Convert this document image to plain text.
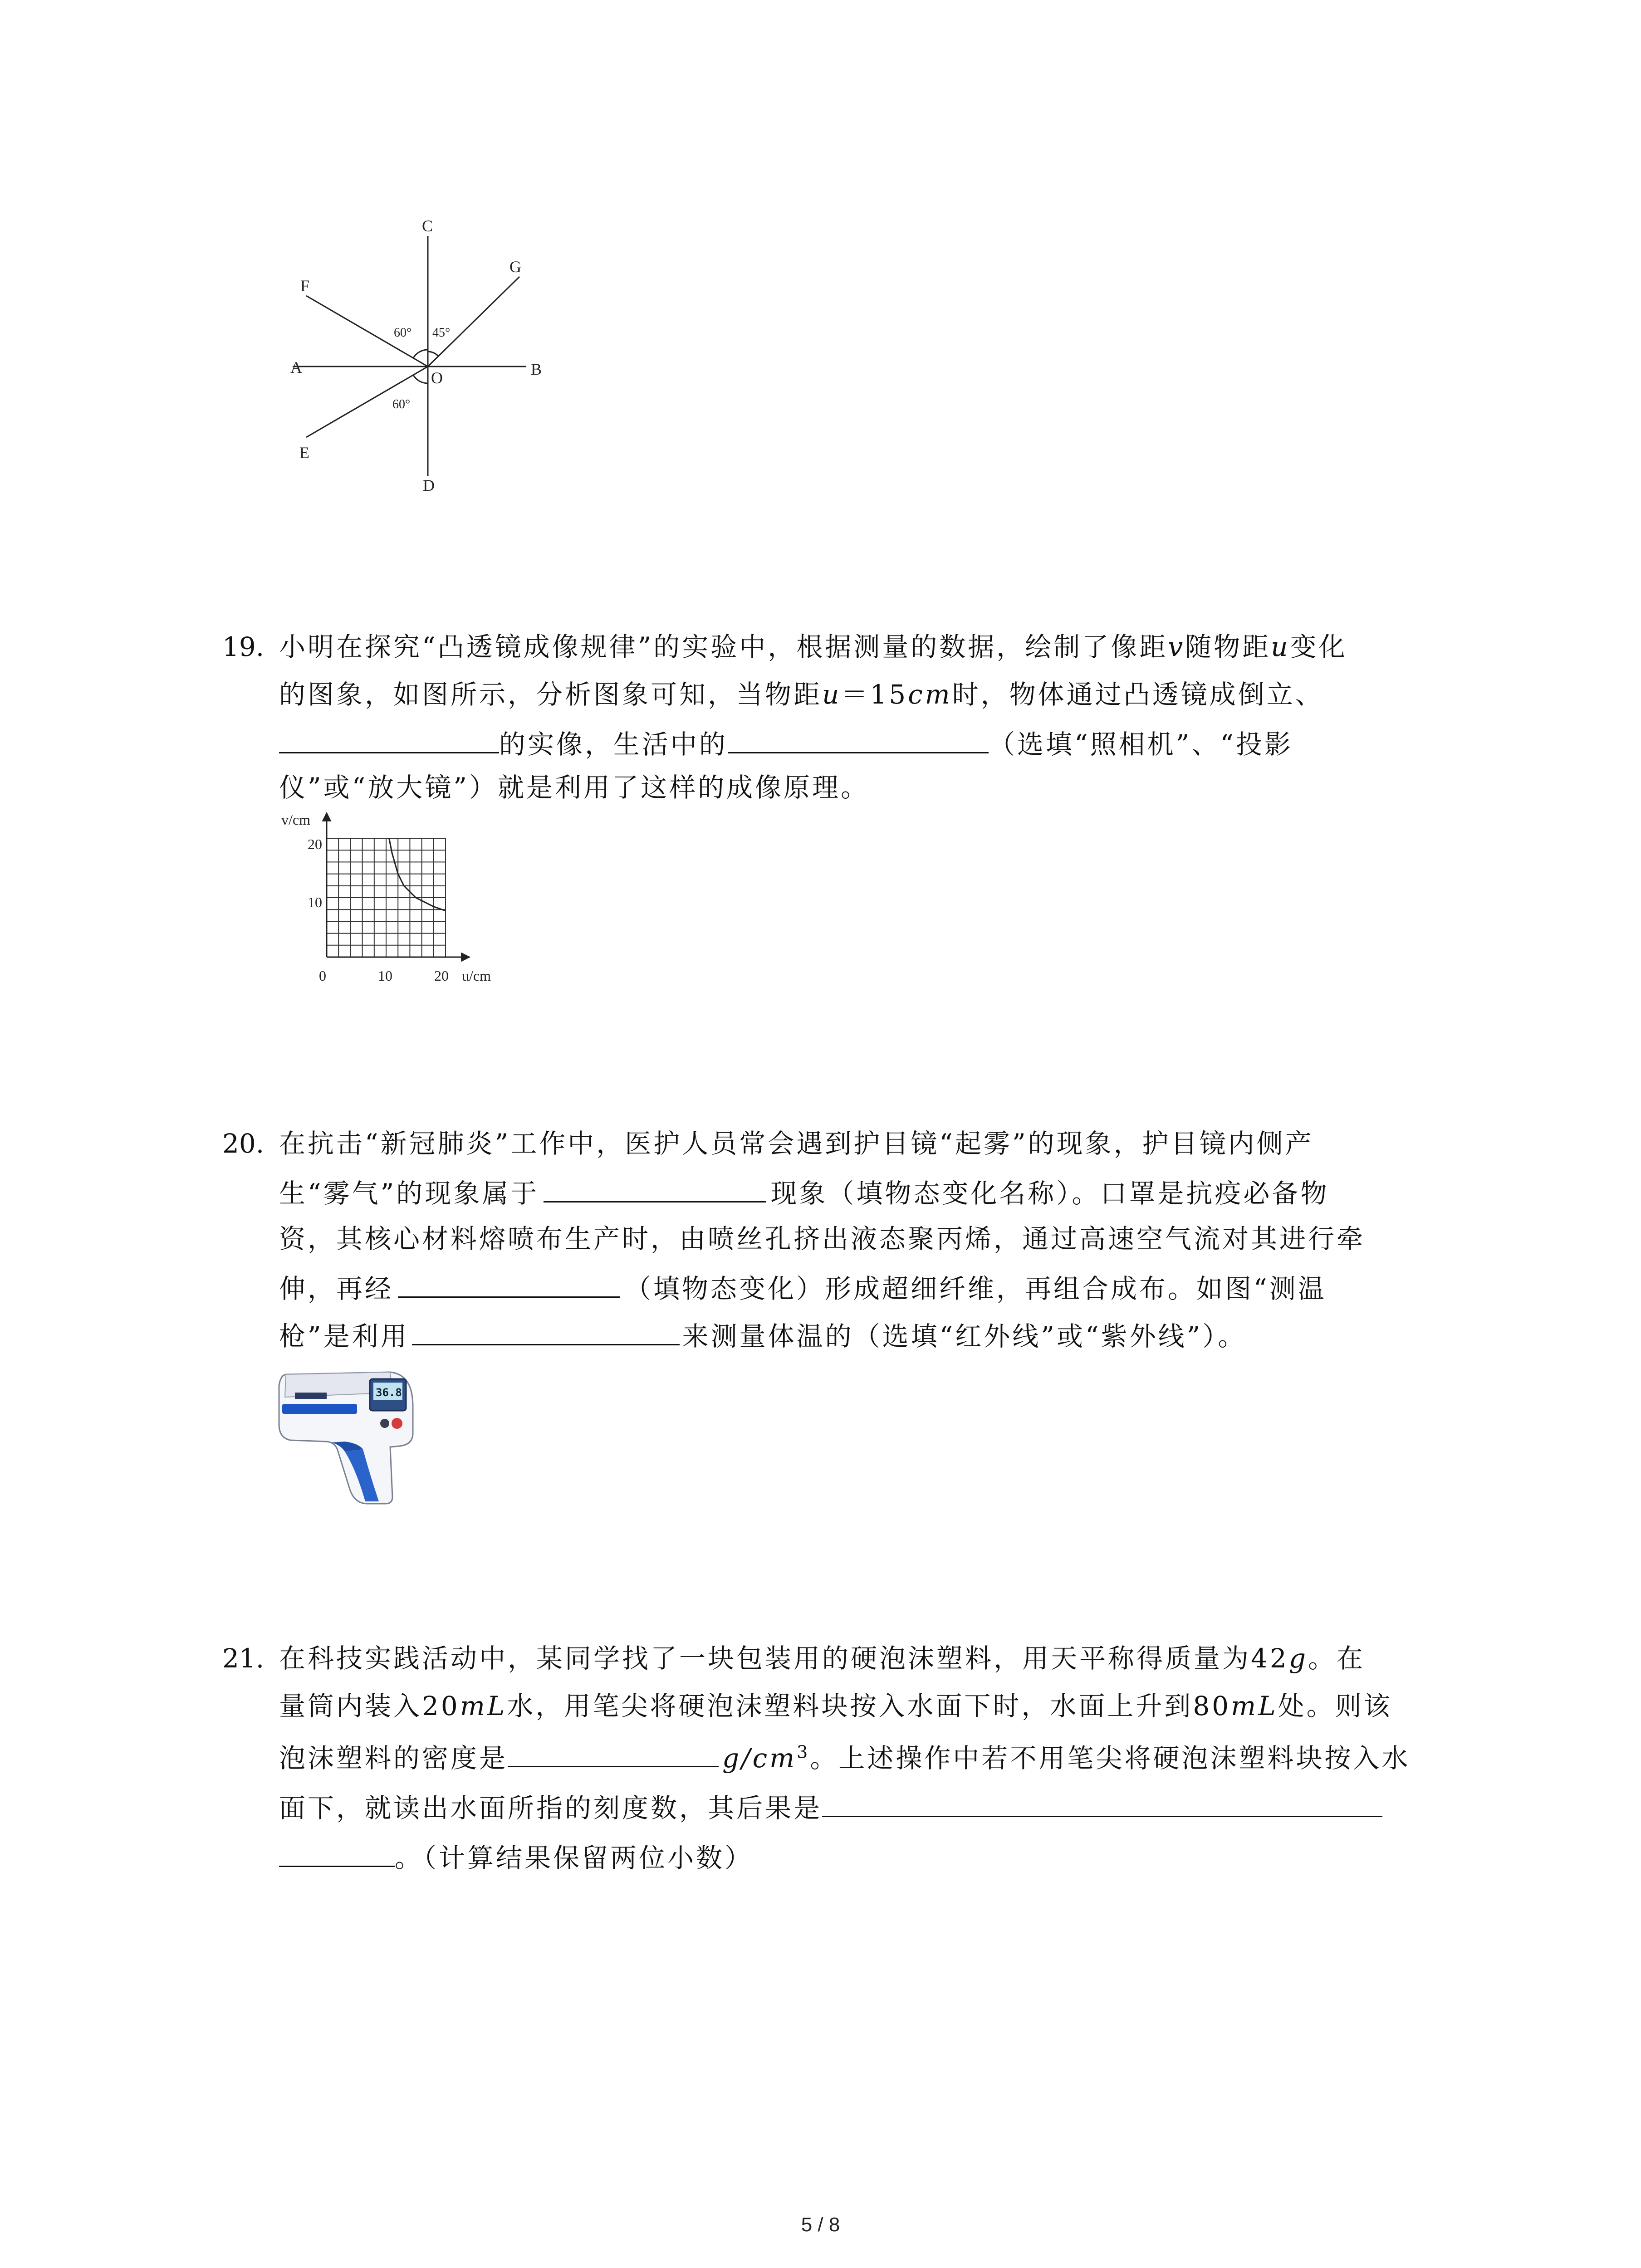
C
G
F
A
O	B
E
D
60° 45°
60°
19. 小明在探究“凸透镜成像规律”的实验中，根据测量的数据，绘制了像距v随物距u变化
的图象，如图所示，分析图象可知，当物距u＝15cm时，物体通过凸透镜成倒立、
的实像，生活中的	（选填“照相机”、“投影
仪”或“放大镜”）就是利用了这样的成像原理。
v/cm
u/cm
20
10
0	10	20
20. 在抗击“新冠肺炎”工作中，医护人员常会遇到护目镜“起雾”的现象，护目镜内侧产
生“雾气”的现象属于	现象（填物态变化名称）。口罩是抗疫必备物
资，其核心材料熔喷布生产时，由喷丝孔挤出液态聚丙烯，通过高速空气流对其进行牵
伸，再经	（填物态变化）形成超细纤维，再组合成布。如图“测温
枪”是利用	来测量体温的（选填“红外线”或“紫外线”）。
36.8
21. 在科技实践活动中，某同学找了一块包装用的硬泡沫塑料，用天平称得质量为42g。在
量筒内装入20mL水，用笔尖将硬泡沫塑料块按入水面下时，水面上升到80mL处。则该
泡沫塑料的密度是	$g/cm^3$。上述操作中若不用笔尖将硬泡沫塑料块按入水
面下，就读出水面所指的刻度数，其后果是
。（计算结果保留两位小数）
5 / 8
